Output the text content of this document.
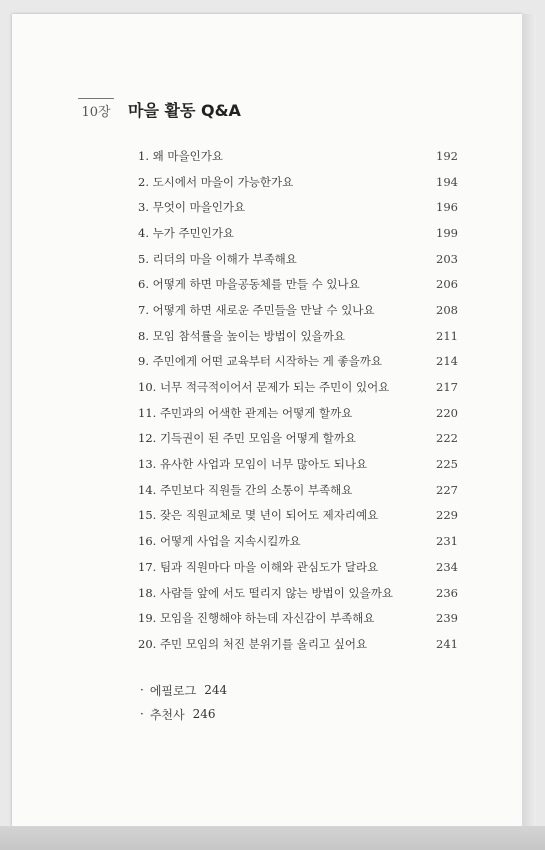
10장 마을 활동 Q&A
1. 왜 마을인가요	192
2. 도시에서 마을이 가능한가요	194
3. 무엇이 마을인가요	196
4. 누가 주민인가요	199
5. 리더의 마을 이해가 부족해요	203
6. 어떻게 하면 마을공동체를 만들 수 있나요	206
7. 어떻게 하면 새로운 주민들을 만날 수 있나요	208
8. 모임 참석률을 높이는 방법이 있을까요	211
9. 주민에게 어떤 교육부터 시작하는 게 좋을까요	214
10. 너무 적극적이어서 문제가 되는 주민이 있어요	217
11. 주민과의 어색한 관계는 어떻게 할까요	220
12. 기득권이 된 주민 모임을 어떻게 할까요	222
13. 유사한 사업과 모임이 너무 많아도 되나요	225
14. 주민보다 직원들 간의 소통이 부족해요	227
15. 잦은 직원교체로 몇 년이 되어도 제자리예요	229
16. 어떻게 사업을 지속시킬까요	231
17. 팀과 직원마다 마을 이해와 관심도가 달라요	234
18. 사람들 앞에 서도 떨리지 않는 방법이 있을까요	236
19. 모임을 진행해야 하는데 자신감이 부족해요	239
20. 주민 모임의 처진 분위기를 올리고 싶어요	241
· 에필로그 244
· 추천사 246
